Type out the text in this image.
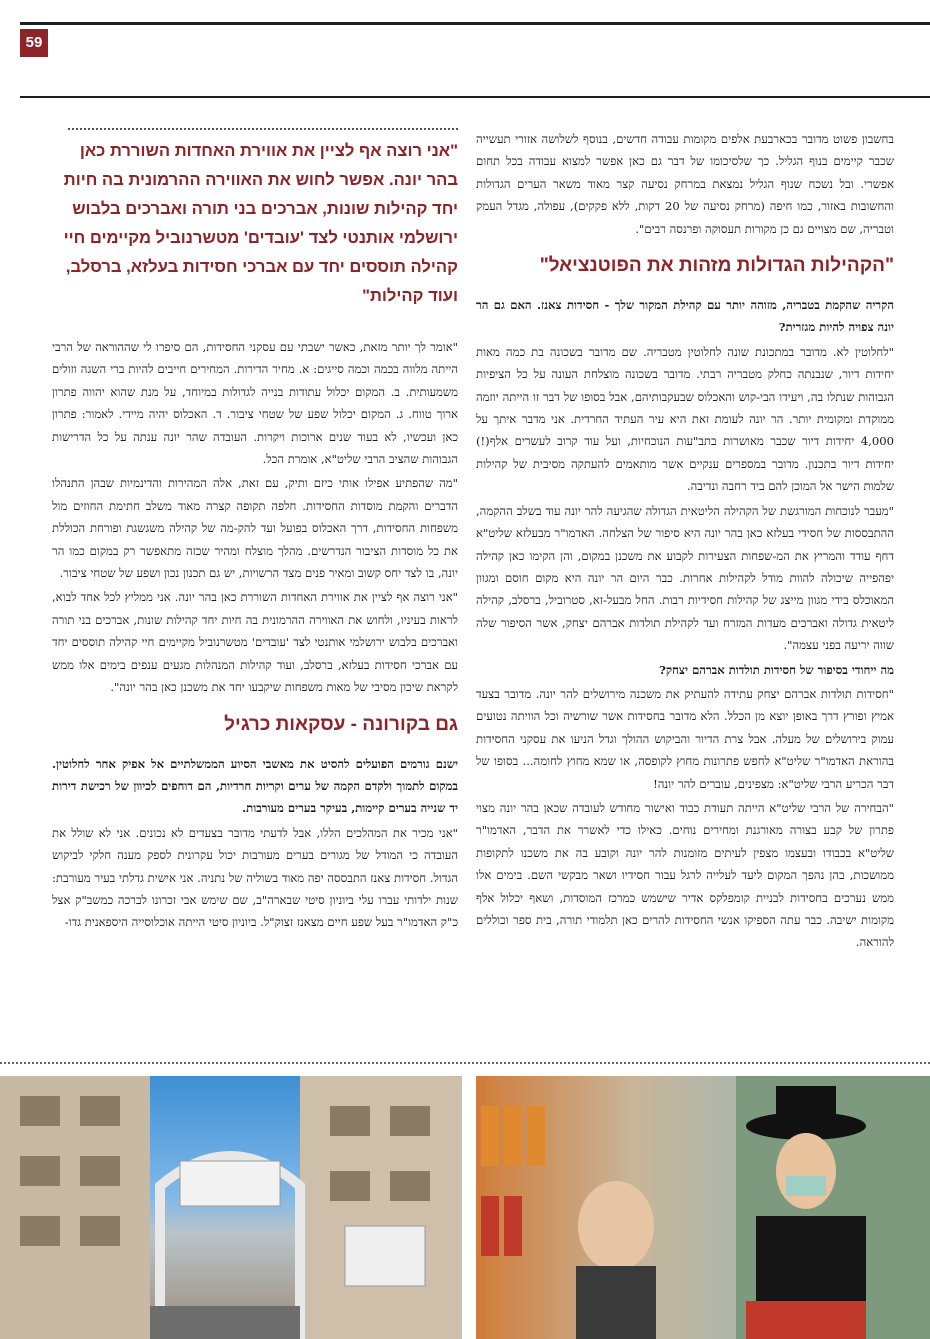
59

בחשבון פשוט מדובר בכארבעת אלפים מקומות עבודה חדשים, בנוסף לשלושה אזורי תעשייה שכבר קיימים בנוף הגליל. כך שלסיכומו של דבר גם כאן אפשר למצוא עבודה בכל תחום אפשרי. ובל נשכח שנוף הגליל נמצאת במרחק נסיעה קצר מאוד משאר הערים הגדולות והחשובות באזור, כמו חיפה (מרחק נסיעה של 20 דקות, ללא פקקים), עפולה, מגדל העמק וטבריה, שם מצויים גם כן מקורות תעסוקה ופרנסה רבים".

"הקהילות הגדולות מזהות את הפוטנציאל"

הקריה שהקמת בטבריה, מזוהה יותר עם קהילת המקור שלך - חסידות צאנז. האם גם הר יונה צפויה להיות מגזרית?

"לחלוטין לא. מדובר במתכונת שונה לחלוטין מטבריה. שם מדובר בשכונה בת כמה מאות יחידות דיור, שנבנתה כחלק מטבריה רבתי. מדובר בשכונה מוצלחת העונה על כל הציפיות הגבוהות שנתלו בה, ויעידו הבי-קוש והאכלוס שבעקבותיהם, אבל בסופו של דבר זו הייתה יוזמה ממוקדת ומקומית יותר. הר יונה לעומת זאת היא עיר העתיד החרדית. אני מדבר איתך על 4,000 יחידות דיור שכבר מאושרות בתב"עות הנוכחיות, ועל עוד קרוב לעשרים אלף(!) יחידות דיור בתכנון. מדובר במספרים ענקיים אשר מותאמים להעתקה מסיבית של קהילות שלמות הישר אל המוכן להם ביד רחבה ונדיבה.

"מעבר לנוכחות המורגשת של הקהילה הליטאית הגדולה שהגיעה להר יונה עוד בשלב ההקמה, ההתבססות של חסידי בעלזא כאן בהר יונה היא סיפור של הצלחה. האדמו"ר מבעלזא שליט"א דחף עודד והמריץ את המ-שפחות הצעירות לקבוע את משכנן במקום, והן הקימו כאן קהילה יפהפייה שיכולה להוות מודל לקהילות אחרות. כבר היום הר יונה היא מקום חוסם ומגוון המאוכלס בידי מגוון מייצג של קהילות חסידיות רבות. החל מבעל-זא, סטרוביל, ברסלב, קהילה ליטאית גדולה ואברכים מעדות המזרח ועד לקהילת תולדות אברהם יצחק, אשר הסיפור שלה שווה יריעה בפני עצמה".

מה ייחודי בסיפור של חסידות תולדות אברהם יצחק?

"חסידות תולדות אברהם יצחק עתידה להעתיק את משכנה מירושלים להר יונה. מדובר בצעד אמיץ ופורץ דרך באופן יוצא מן הכלל. הלא מדובר בחסידות אשר שורשיה וכל הוויתה נטועים עמוק בירושלים של מעלה. אבל צרת הדיור והביקוש ההולך וגדל הניעו את עסקני החסידות בהוראת האדמו"ר שליט"א לחפש פתרונות מחוץ לקופסה, או שמא מחוץ לחומה... בסופו של דבר הכריע הרבי שליט"א: מצפינים, עוברים להר יונה!

"הבחירה של הרבי שליט"א הייתה תעודת כבוד ואישור מחודש לעובדה שכאן בהר יונה מצוי פתרון של קבע בצורה מאורגנת ומחירים נוחים. כאילו כדי לאשרר את הדבר, האדמו"ר שליט"א בכבודו ובעצמו מצפין לעיתים מזומנות להר יונה וקובע בה את משכנו לתקופות ממושכות, בהן נהפך המקום ליעד לעלייה לרגל עבור חסידיו ושאר מבקשי השם. בימים אלו ממש נערכים בחסידות לבניית קומפלקס אדיר שישמש כמרכז המוסדות, ושאף יכלול אלף מקומות ישיבה. כבר עתה הספיקו אנשי החסידות להרים כאן תלמודי תורה, בית ספר וכוללים להוראה.

"אני רוצה אף לציין את אווירת האחדות השוררת כאן בהר יונה. אפשר לחוש את האווירה ההרמונית בה חיות יחד קהילות שונות, אברכים בני תורה ואברכים בלבוש ירושלמי אותנטי לצד 'עובדים' מטשרנוביל מקיימים חיי קהילה תוססים יחד עם אברכי חסידות בעלזא, ברסלב, ועוד קהילות"

"אומר לך יותר מזאת, כאשר ישבתי עם עסקני החסידות, הם סיפרו לי שההוראה של הרבי הייתה מלווה בכמה וכמה סייגים: א. מחיר הדירות. המחירים חייבים להיות ברי השגה וזולים משמעותית. ב. המקום יכלול עתודות בנייה לגדולות במיוחד, על מנת שהוא יהווה פתרון ארוך טווח. ג. המקום יכלול שפע של שטחי ציבור. ד. האכלוס יהיה מיידי. לאמור: פתרון כאן ועכשיו, לא בעוד שנים ארוכות ויקרות. העובדה שהר יונה ענתה על כל הדרישות הגבוהות שהציב הרבי שליט"א, אומרת הכל.

"מה שהפתיע אפילו אותי כיזם ותיק, עם זאת, אלה המהירות והדינמיות שבהן התנהלו הדברים והקמת מוסדות החסידות. חלפה תקופה קצרה מאוד משלב חתימת החוזים מול משפחות החסידות, דרך האכלוס בפועל ועד להק-מה של קהילה משגשגת ופורחת הכוללת את כל מוסדות הציבור הנדרשים. מהלך מוצלח ומהיר שכזה מתאפשר רק במקום כמו הר יונה, בו לצד יחס קשוב ומאיר פנים מצד הרשויות, יש גם תכנון נכון ושפע של שטחי ציבור.

"אני רוצה אף לציין את אווירת האחדות השוררת כאן בהר יונה. אני ממליץ לכל אחד לבוא, לראות בעיניו, ולחוש את האווירה ההרמונית בה חיות יחד קהילות שונות, אברכים בני תורה ואברכים בלבוש ירושלמי אותנטי לצד 'עובדים' מטשרנוביל מקיימים חיי קהילה תוססים יחד עם אברכי חסידות בעלזא, ברסלב, ועוד קהילות המנהלות מגעים ענפים בימים אלו ממש לקראת שיכון מסיבי של מאות משפחות שיקבעו יחד את משכנן כאן בהר יונה".

גם בקורונה - עסקאות כרגיל

ישנם גורמים הפועלים להסיט את מאשבי הסיוע הממשלתיים אל אפיק אחר לחלוטין. במקום לתמוך ולקדם הקמה של ערים וקריות חרדיות, הם דוחפים לכיוון של רכישת דירות יד שנייה בערים קיימות, בעיקר בערים מעורבות.

"אני מכיר את המהלכים הללו, אבל לדעתי מדובר בצעדים לא נכונים. אני לא שולל את העובדה כי המודל של מגורים בערים מעורבות יכול עקרונית לספק מענה חלקי לביקוש הגדול. חסידות צאנז התבססה יפה מאוד בשוליה של נתניה. אני אישית גדלתי בעיר מעורבת: שנות ילדותי עברו עלי ביוניון סיטי שבארה"ב, שם שימש אבי זכרונו לברכה כמשב"ק אצל כ"ק האדמו"ר בעל שפע חיים מצאנז זצוק"ל. ביוניון סיטי הייתה אוכלוסייה היספאנית גדו-
